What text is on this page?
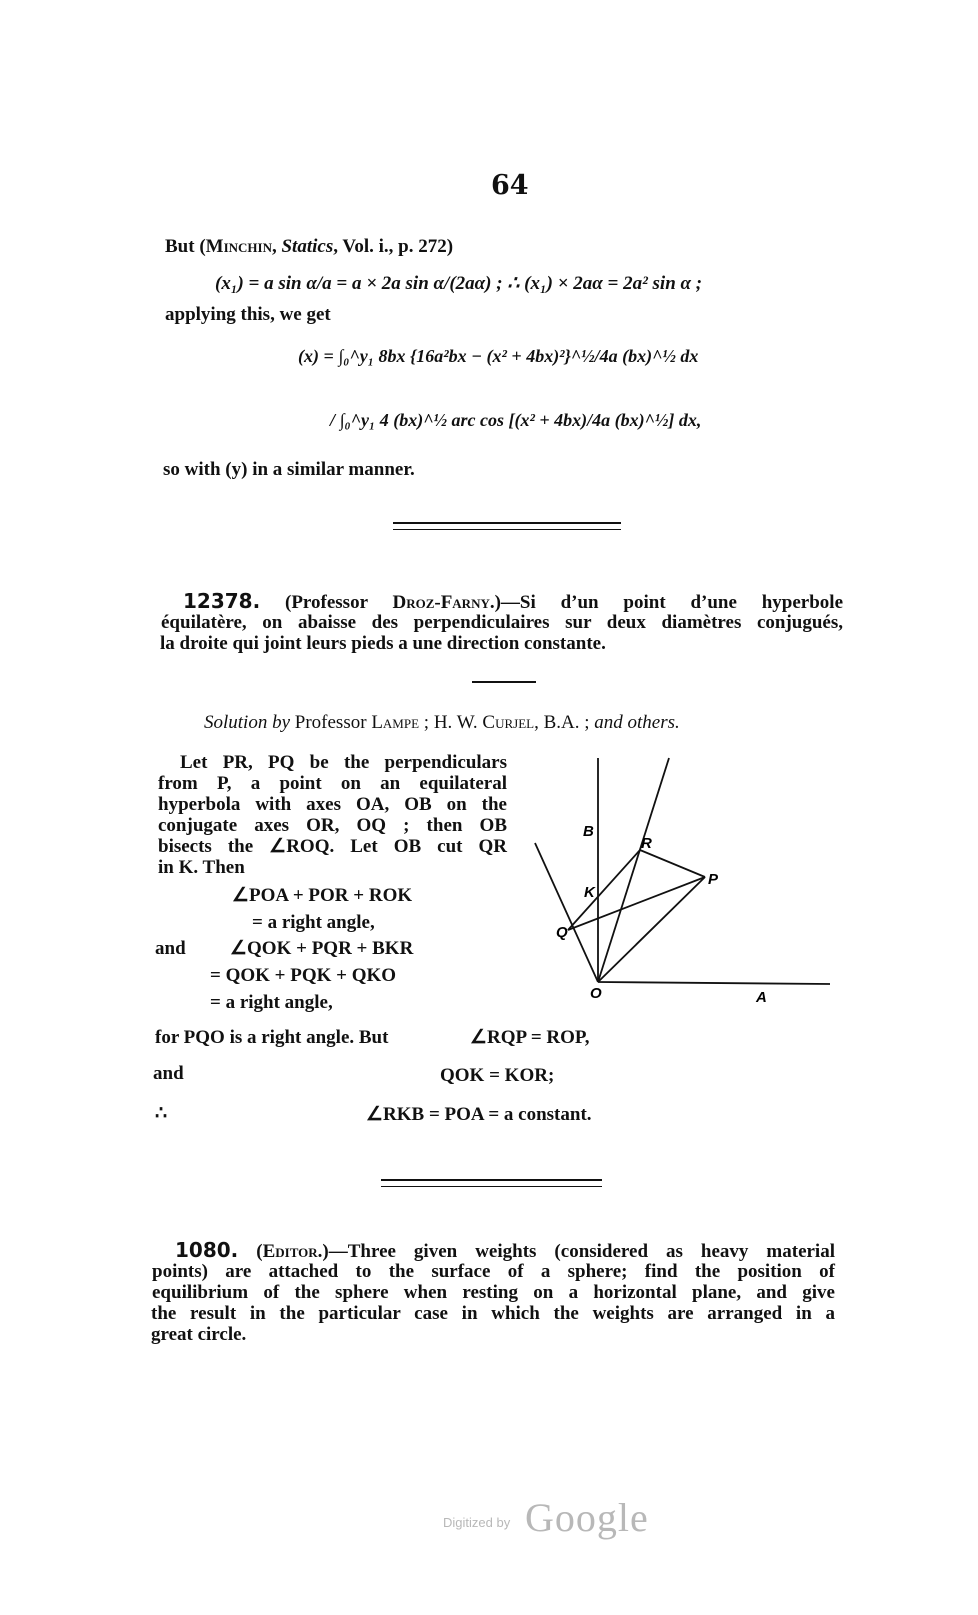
64
But (Minchin, Statics, Vol. i., p. 272)
(x₁) = a sin α/a = a × 2a sin α/(2aα) ; ∴ (x₁) × 2aα = 2a² sin α ;
applying this, we get
(x) = ∫₀^y₁ 8bx {16a²bx − (x² + 4bx)²}^½/4a (bx)^½ dx
/ ∫₀^y₁ 4 (bx)^½ arc cos [(x² + 4bx)/4a (bx)^½] dx,
so with (y) in a similar manner.
12378. (Professor Droz-Farny.)—Si d’un point d’une hyperbole
équilatère, on abaisse des perpendiculaires sur deux diamètres conjugués,
la droite qui joint leurs pieds a une direction constante.
Solution by Professor Lampe ; H. W. Curjel, B.A. ; and others.
Let PR, PQ be the perpendiculars
from P, a point on an equilateral
hyperbola with axes OA, OB on the
conjugate axes OR, OQ ; then OB
bisects the ∠ROQ. Let OB cut QR
in K. Then
∠POA + POR + ROK
= a right angle,
and ∠QOK + PQR + BKR
= QOK + PQK + QKO
= a right angle,
for PQO is a right angle. But	∠RQP = ROP,
and	QOK = KOR;
∴	∠RKB = POA = a constant.
B
R
P
K
Q
O	A
1080. (Editor.)—Three given weights (considered as heavy material
points) are attached to the surface of a sphere; find the position of
equilibrium of the sphere when resting on a horizontal plane, and give
the result in the particular case in which the weights are arranged in a
great circle.
Digitized by Google
